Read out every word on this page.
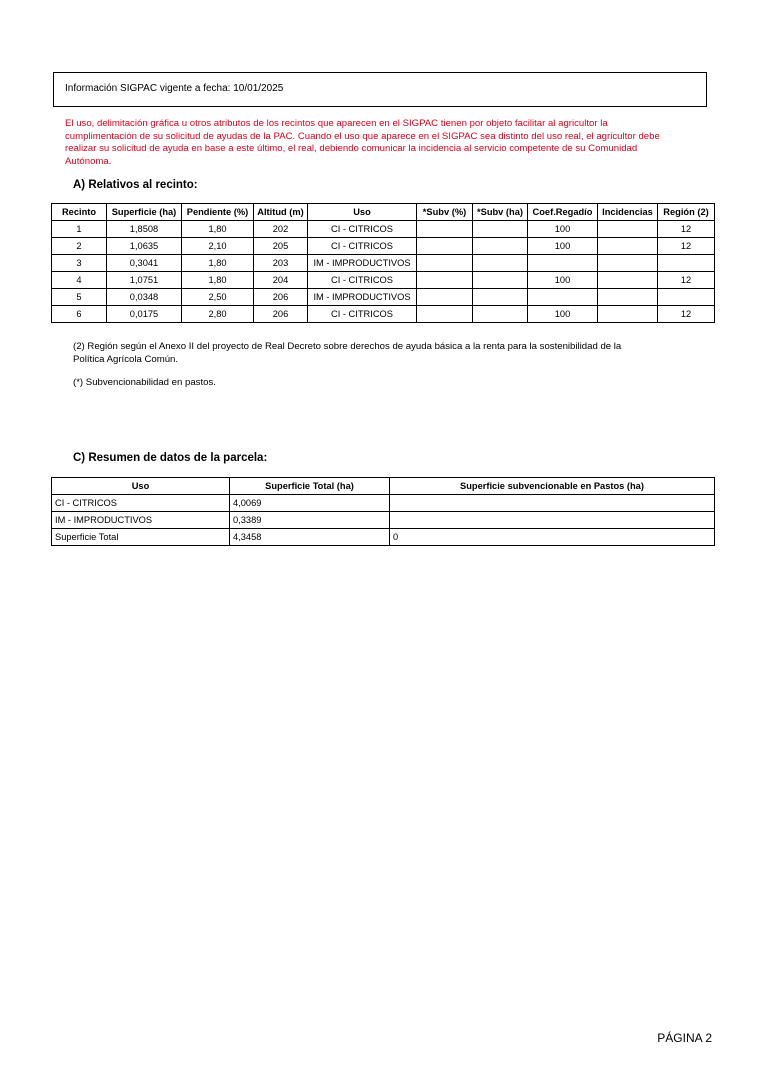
Información SIGPAC vigente a fecha: 10/01/2025
El uso, delimitación gráfica u otros atributos de los recintos que aparecen en el SIGPAC tienen por objeto facilitar al agricultor la
cumplimentación de su solicitud de ayudas de la PAC. Cuando el uso que aparece en el SIGPAC sea distinto del uso real, el agricultor debe
realizar su solicitud de ayuda en base a este último, el real, debiendo comunicar la incidencia al servicio competente de su Comunidad
Autónoma.
A) Relativos al recinto:
Recinto	Superficie (ha)	Pendiente (%)	Altitud (m)	Uso	*Subv (%)	*Subv (ha)	Coef.Regadío	Incidencias	Región (2)
1	1,8508	1,80	202	CI - CITRICOS			100		12
2	1,0635	2,10	205	CI - CITRICOS			100		12
3	0,3041	1,80	203	IM - IMPRODUCTIVOS					
4	1,0751	1,80	204	CI - CITRICOS			100		12
5	0,0348	2,50	206	IM - IMPRODUCTIVOS					
6	0,0175	2,80	206	CI - CITRICOS			100		12
(2) Región según el Anexo II del proyecto de Real Decreto sobre derechos de ayuda básica a la renta para la sostenibilidad de la
Política Agrícola Común.
(*) Subvencionabilidad en pastos.
C) Resumen de datos de la parcela:
Uso	Superficie Total (ha)	Superficie subvencionable en Pastos (ha)
CI - CITRICOS	4,0069	
IM - IMPRODUCTIVOS	0,3389	
Superficie Total	4,3458	0
PÁGINA 2
